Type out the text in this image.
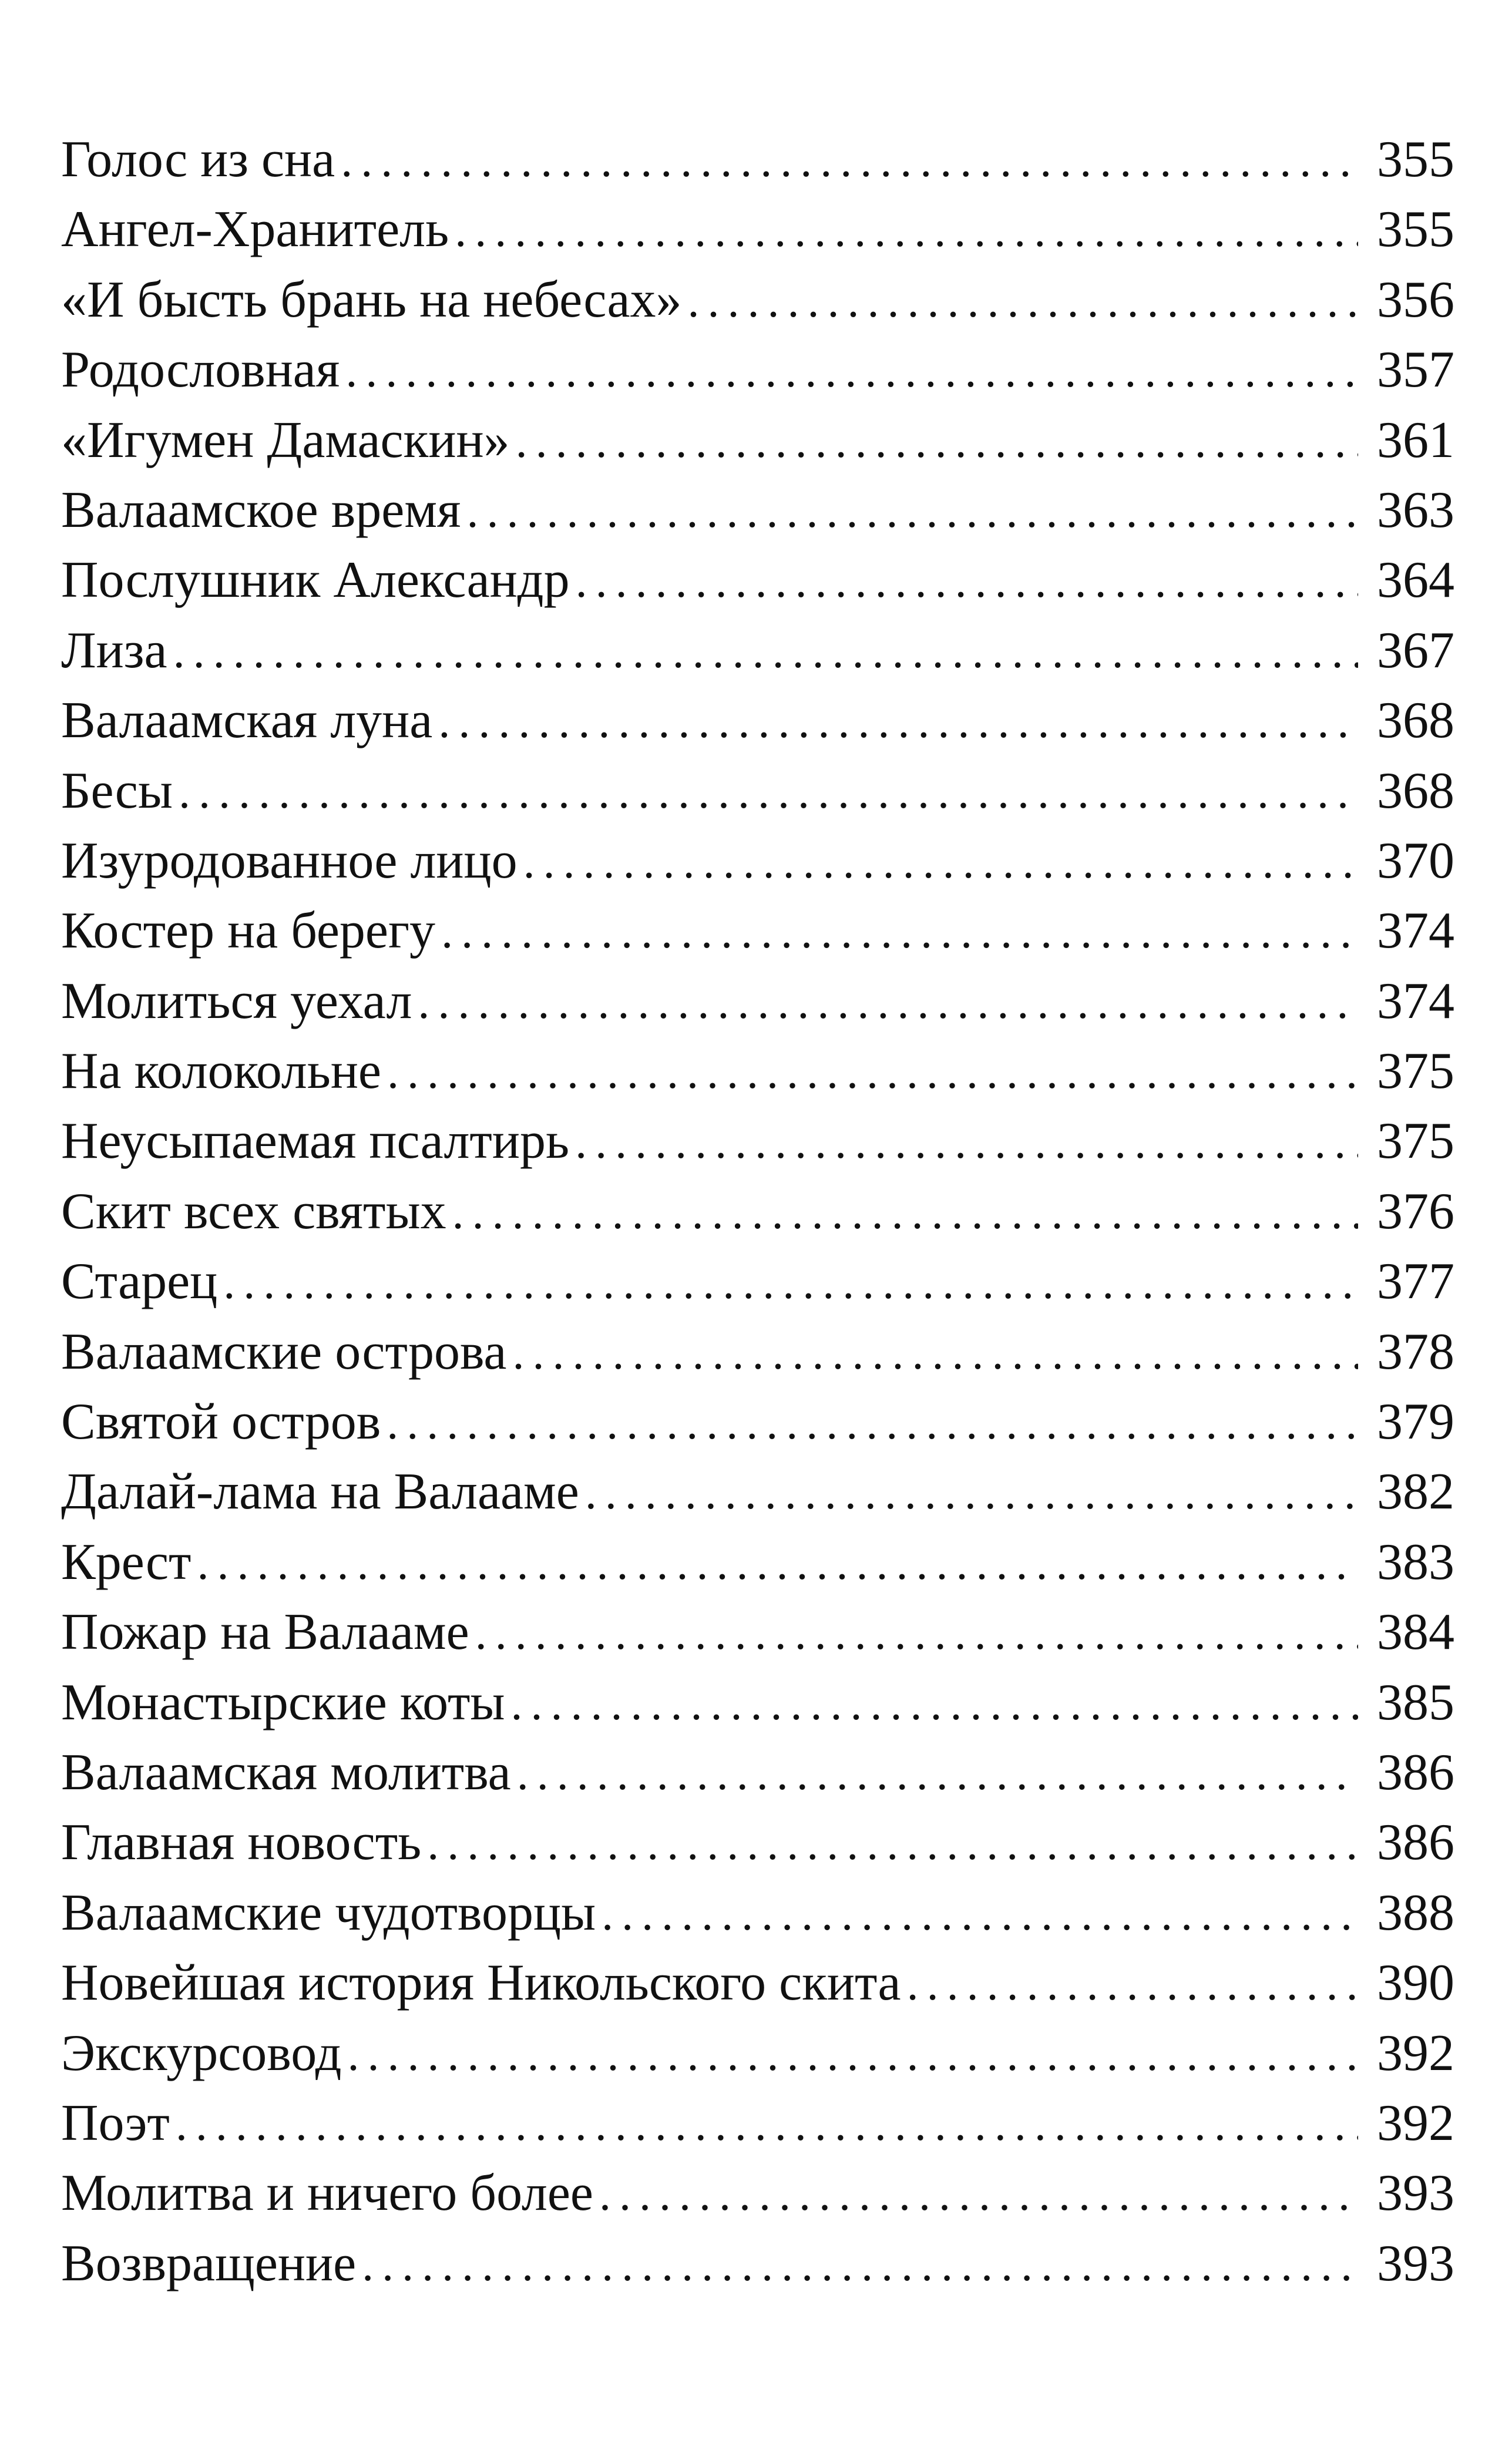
Голос из сна .....	355
Ангел-Хранитель .....	355
«И бысть брань на небесах» .....	356
Родословная .....	357
«Игумен Дамаскин» .....	361
Валаамское время .....	363
Послушник Александр .....	364
Лиза .....	367
Валаамская луна .....	368
Бесы .....	368
Изуродованное лицо .....	370
Костер на берегу .....	374
Молиться уехал .....	374
На колокольне .....	375
Неусыпаемая псалтирь .....	375
Скит всех святых .....	376
Старец .....	377
Валаамские острова .....	378
Святой остров .....	379
Далай-лама на Валааме .....	382
Крест .....	383
Пожар на Валааме .....	384
Монастырские коты .....	385
Валаамская молитва .....	386
Главная новость .....	386
Валаамские чудотворцы .....	388
Новейшая история Никольского скита .....	390
Экскурсовод .....	392
Поэт .....	392
Молитва и ничего более .....	393
Возвращение .....	393
